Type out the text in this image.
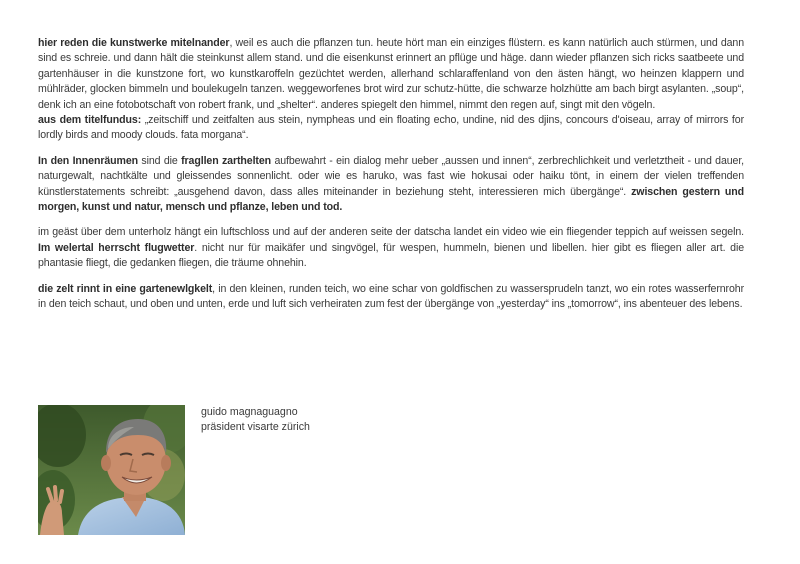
hier reden die kunstwerke mitelnander, weil es auch die pflanzen tun. heute hört man ein einziges flüstern. es kann natürlich auch stürmen, und dann sind es schreie. und dann hält die steinkunst allem stand. und die eisenkunst erinnert an pflüge und häge. dann wieder pflanzen sich ricks saatbeete und gartenhäuser in die kunstzone fort, wo kunstkaroffeln gezüchtet werden, allerhand schlaraffenland von den ästen hängt, wo heinzen klappern und mühlräder, glocken bimmeln und boulekugeln tanzen. weggeworfenes brot wird zur schutz-hütte, die schwarze holzhütte am bach birgt asylanten. „soup“, denk ich an eine fotobotschaft von robert frank, und „shelter“. anderes spiegelt den himmel, nimmt den regen auf, singt mit den vögeln.

aus dem titelfundus: „zeitschiff und zeitfalten aus stein, nympheas und ein floating echo, undine, nid des djins, concours d'oiseau, array of mirrors for lordly birds and moody clouds. fata morgana“.

In den Innenräumen sind die fragllen zarthelten aufbewahrt - ein dialog mehr ueber „aussen und innen“, zerbrechlichkeit und verletztheit - und dauer, naturgewalt, nachtkälte und gleissendes sonnenlicht. oder wie es haruko, was fast wie hokusai oder haiku tönt, in einem der vielen treffenden künstlerstatements schreibt: „ausgehend davon, dass alles miteinander in beziehung steht, interessieren mich übergänge“. zwischen gestern und morgen, kunst und natur, mensch und pflanze, leben und tod.

im geäst über dem unterholz hängt ein luftschloss und auf der anderen seite der datscha landet ein video wie ein fliegender teppich auf weissen segeln. Im welertal herrscht flugwetter. nicht nur für maikäfer und singvögel, für wespen, hummeln, bienen und libellen. hier gibt es fliegen aller art. die phantasie fliegt, die gedanken fliegen, die träume ohnehin.

die zelt rinnt in eine gartenewlgkelt, in den kleinen, runden teich, wo eine schar von goldfischen zu wassersprudeln tanzt, wo ein rotes wasserfernrohr in den teich schaut, und oben und unten, erde und luft sich verheiraten zum fest der übergänge von „yesterday“ ins „tomorrow“, ins abenteuer des lebens.

guido magnaguagno
präsident visarte zürich
